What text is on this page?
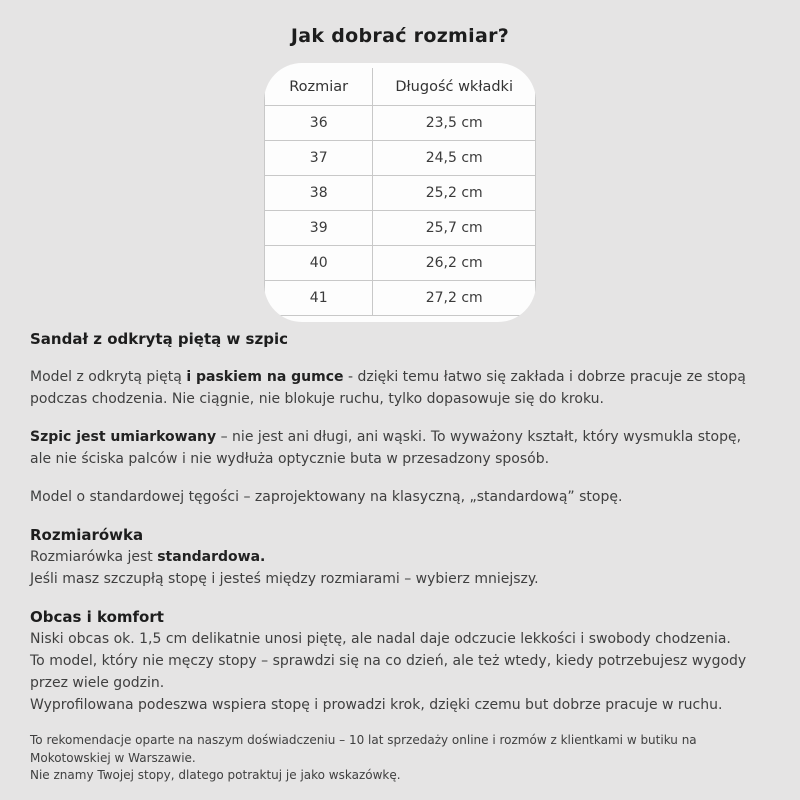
Jak dobrać rozmiar?
Rozmiar	Długość wkładki
36	23,5 cm
37	24,5 cm
38	25,2 cm
39	25,7 cm
40	26,2 cm
41	27,2 cm
Sandał z odkrytą piętą w szpic
Model z odkrytą piętą i paskiem na gumce - dzięki temu łatwo się zakłada i dobrze pracuje ze stopą
podczas chodzenia. Nie ciągnie, nie blokuje ruchu, tylko dopasowuje się do kroku.
Szpic jest umiarkowany – nie jest ani długi, ani wąski. To wyważony kształt, który wysmukla stopę,
ale nie ściska palców i nie wydłuża optycznie buta w przesadzony sposób.
Model o standardowej tęgości – zaprojektowany na klasyczną, „standardową” stopę.
Rozmiarówka
Rozmiarówka jest standardowa.
Jeśli masz szczupłą stopę i jesteś między rozmiarami – wybierz mniejszy.
Obcas i komfort
Niski obcas ok. 1,5 cm delikatnie unosi piętę, ale nadal daje odczucie lekkości i swobody chodzenia.
To model, który nie męczy stopy – sprawdzi się na co dzień, ale też wtedy, kiedy potrzebujesz wygody
przez wiele godzin.
Wyprofilowana podeszwa wspiera stopę i prowadzi krok, dzięki czemu but dobrze pracuje w ruchu.
To rekomendacje oparte na naszym doświadczeniu – 10 lat sprzedaży online i rozmów z klientkami w butiku na
Mokotowskiej w Warszawie.
Nie znamy Twojej stopy, dlatego potraktuj je jako wskazówkę.
